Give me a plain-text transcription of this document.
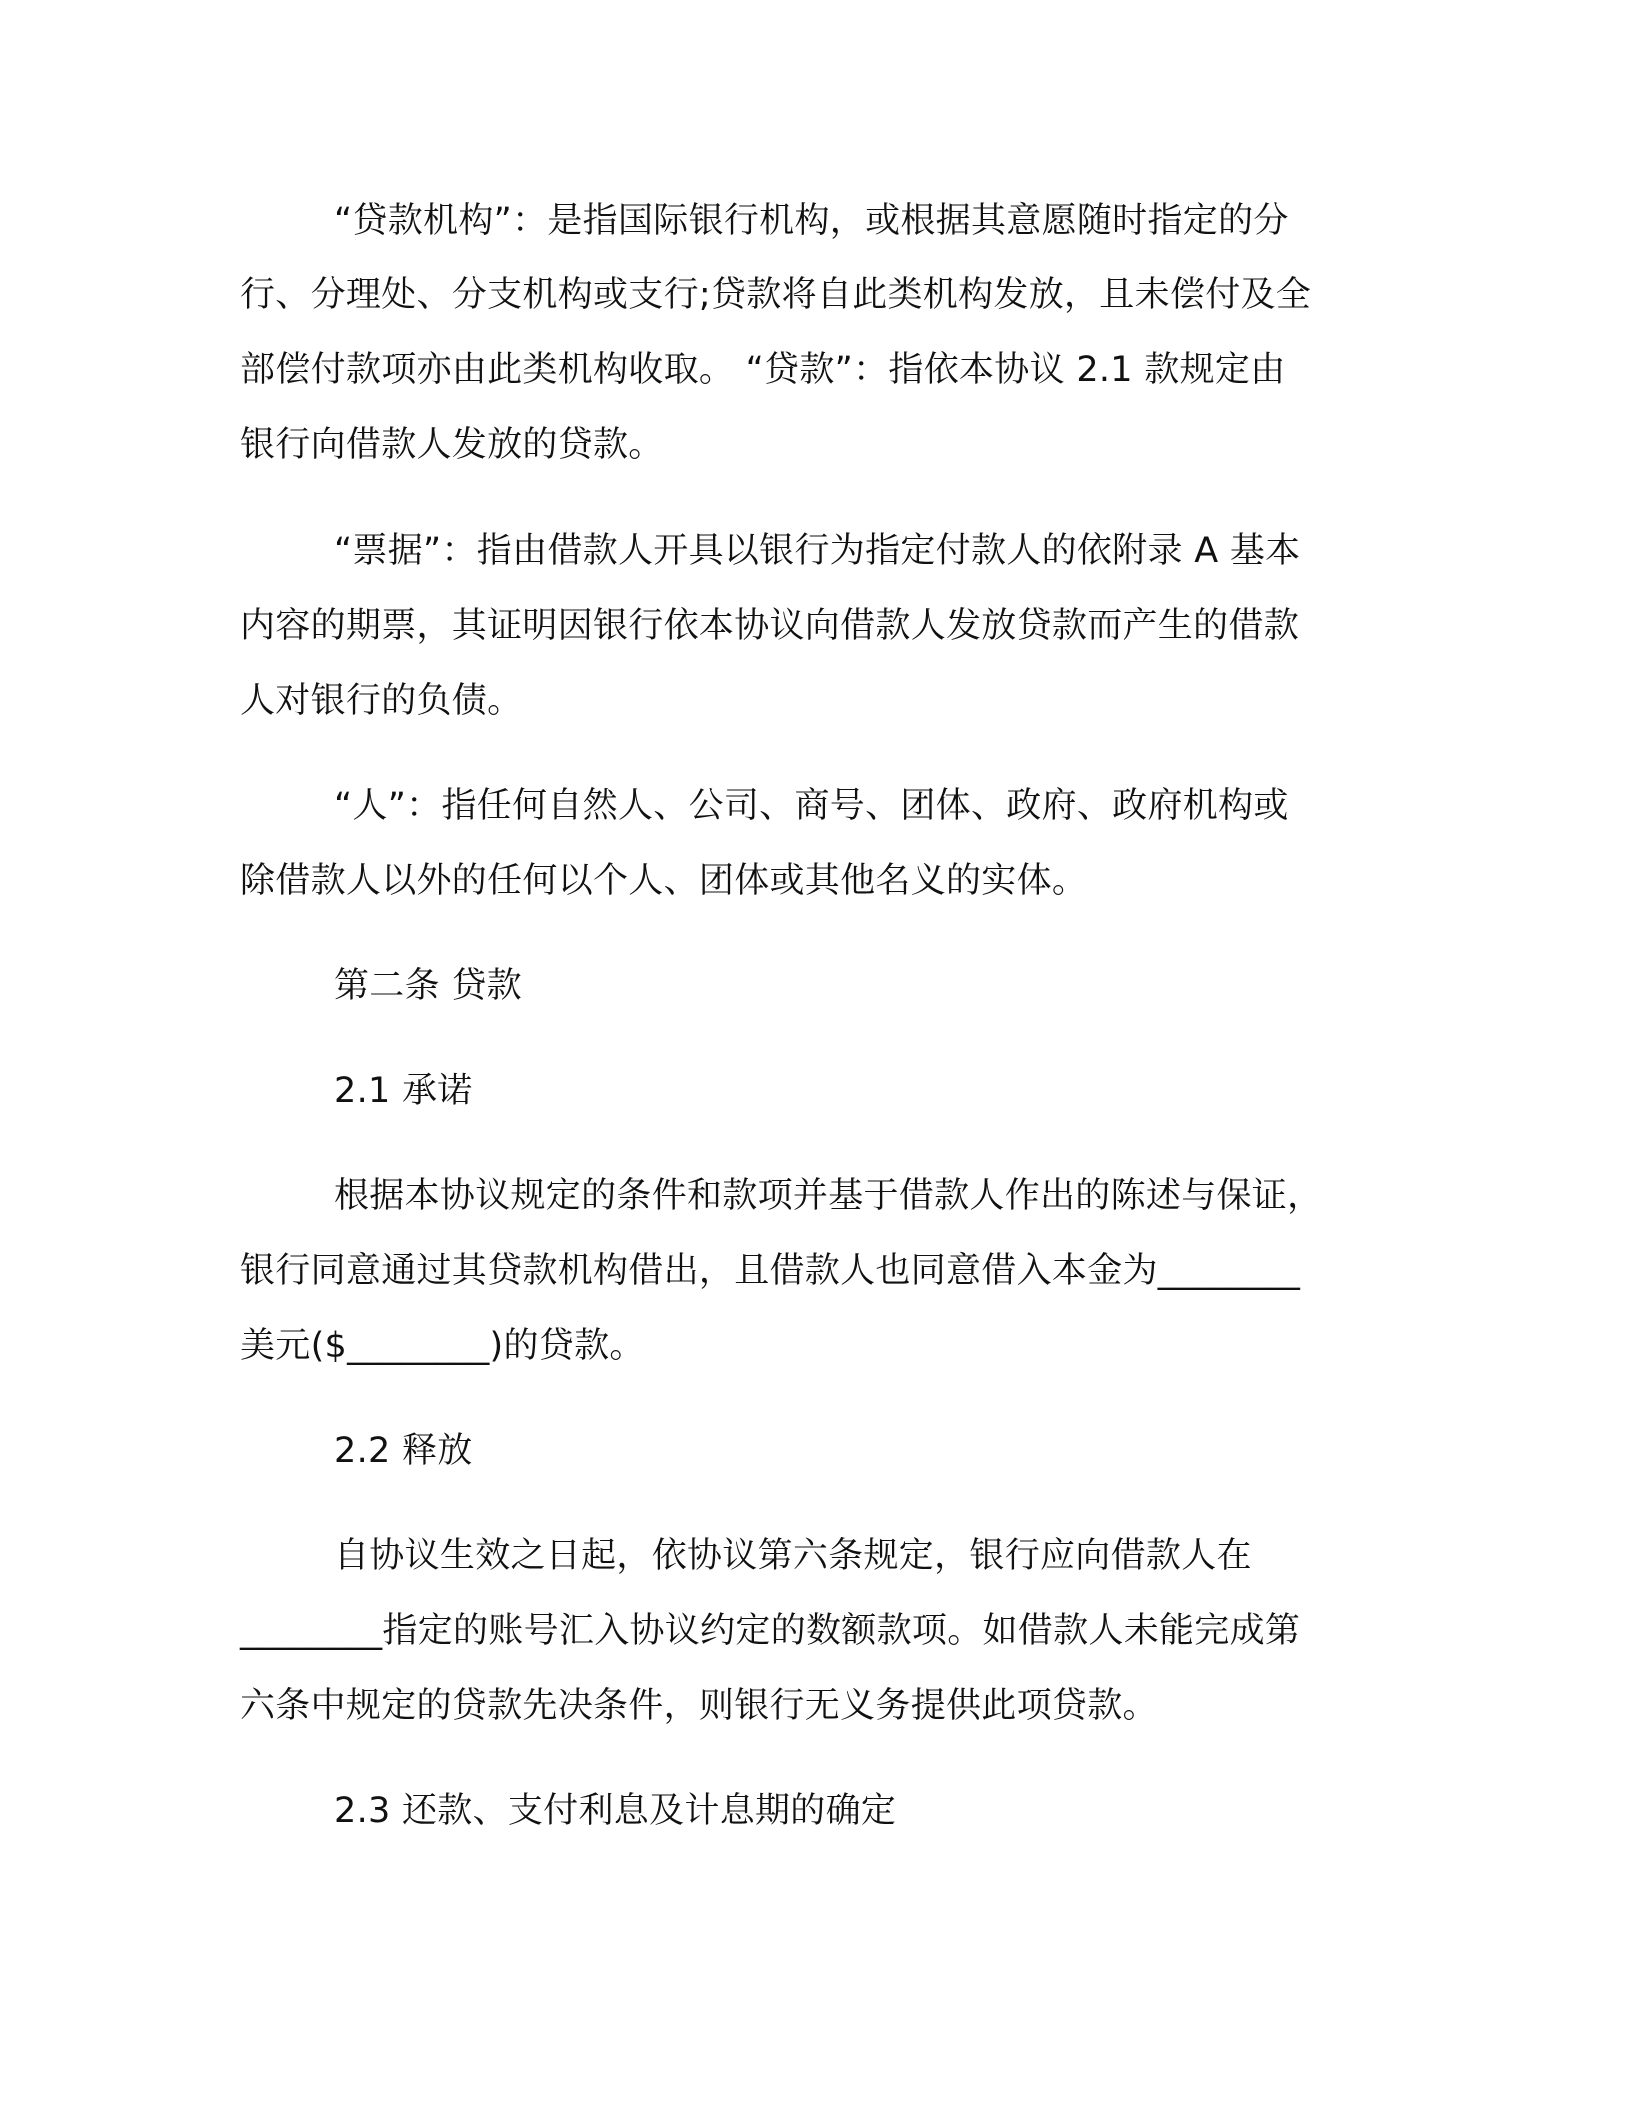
“贷款机构”：是指国际银行机构，或根据其意愿随时指定的分

行、分理处、分支机构或支行;贷款将自此类机构发放，且未偿付及全

部偿付款项亦由此类机构收取。 “贷款”：指依本协议 2.1 款规定由

银行向借款人发放的贷款。

“票据”：指由借款人开具以银行为指定付款人的依附录 A 基本

内容的期票，其证明因银行依本协议向借款人发放贷款而产生的借款

人对银行的负债。

“人”：指任何自然人、公司、商号、团体、政府、政府机构或

除借款人以外的任何以个人、团体或其他名义的实体。

第二条 贷款

2.1 承诺

根据本协议规定的条件和款项并基于借款人作出的陈述与保证，

银行同意通过其贷款机构借出，且借款人也同意借入本金为________

美元($________)的贷款。

2.2 释放

自协议生效之日起，依协议第六条规定，银行应向借款人在

________指定的账号汇入协议约定的数额款项。如借款人未能完成第

六条中规定的贷款先决条件，则银行无义务提供此项贷款。

2.3 还款、支付利息及计息期的确定
